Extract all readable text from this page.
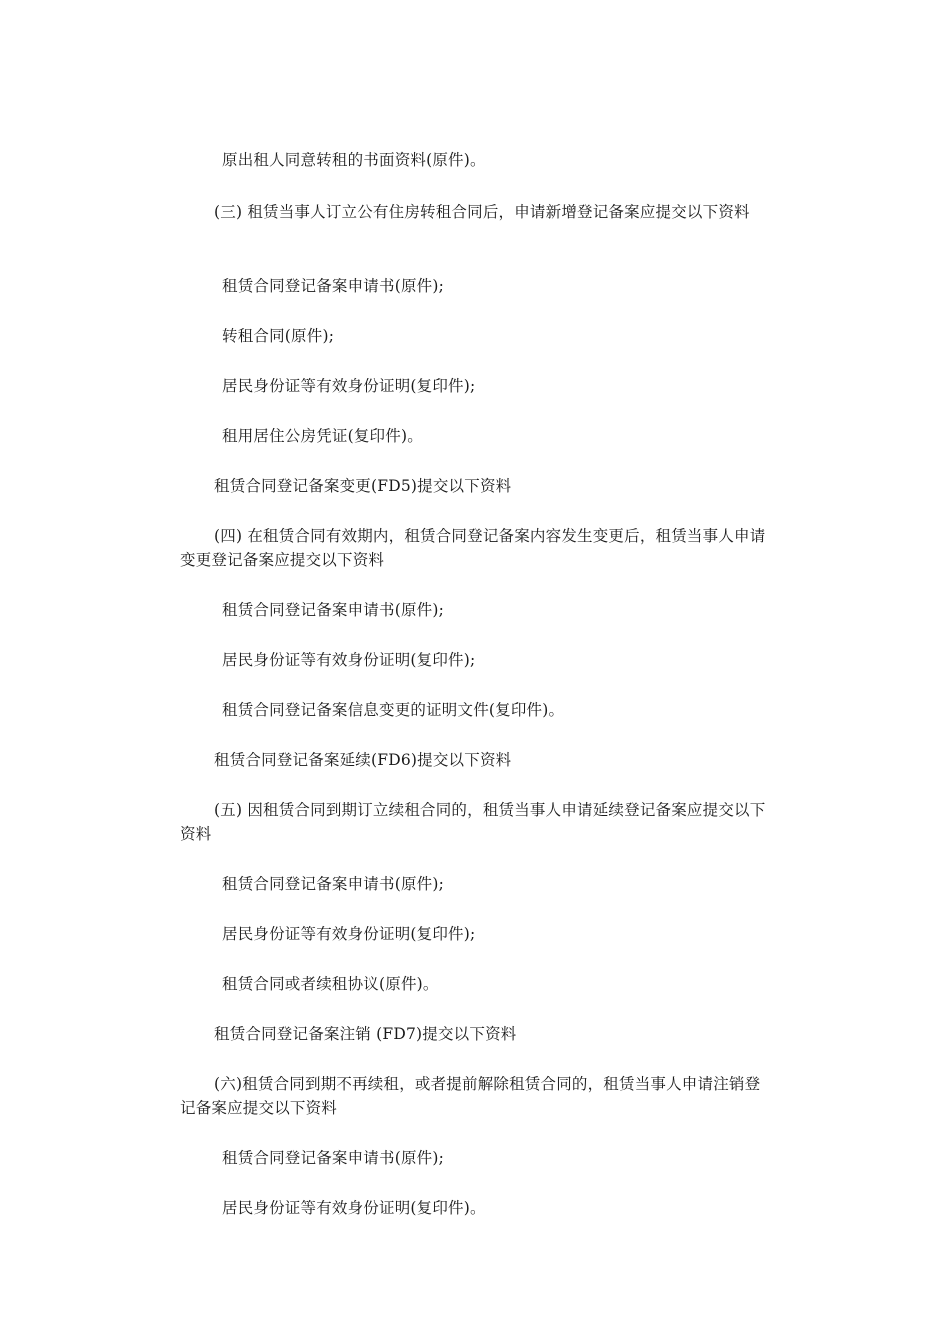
原出租人同意转租的书面资料(原件)。
(三) 租赁当事人订立公有住房转租合同后，申请新增登记备案应提交以下资料
租赁合同登记备案申请书(原件);
转租合同(原件);
居民身份证等有效身份证明(复印件);
租用居住公房凭证(复印件)。
租赁合同登记备案变更(FD5)提交以下资料
(四) 在租赁合同有效期内，租赁合同登记备案内容发生变更后，租赁当事人申请变更登记备案应提交以下资料
租赁合同登记备案申请书(原件);
居民身份证等有效身份证明(复印件);
租赁合同登记备案信息变更的证明文件(复印件)。
租赁合同登记备案延续(FD6)提交以下资料
(五) 因租赁合同到期订立续租合同的，租赁当事人申请延续登记备案应提交以下资料
租赁合同登记备案申请书(原件);
居民身份证等有效身份证明(复印件);
租赁合同或者续租协议(原件)。
租赁合同登记备案注销 (FD7)提交以下资料
(六)租赁合同到期不再续租，或者提前解除租赁合同的，租赁当事人申请注销登记备案应提交以下资料
租赁合同登记备案申请书(原件);
居民身份证等有效身份证明(复印件)。
